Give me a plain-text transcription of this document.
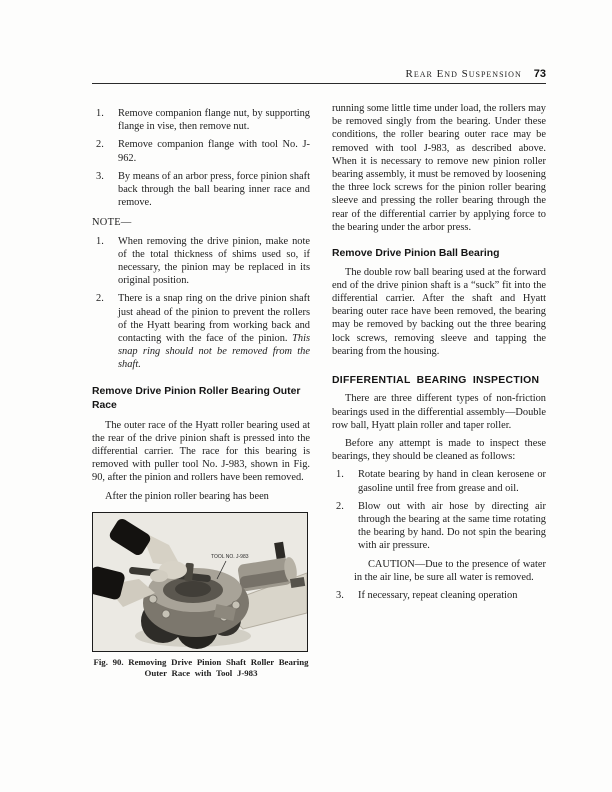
Rear End Suspension 73
1.	Remove companion flange nut, by supporting flange in vise, then remove nut.
2.	Remove companion flange with tool No. J-962.
3.	By means of an arbor press, force pinion shaft back through the ball bearing inner race and remove.

NOTE—

1.	When removing the drive pinion, make note of the total thickness of shims used so, if necessary, the pinion may be replaced in its original position.
2.	There is a snap ring on the drive pinion shaft just ahead of the pinion to prevent the rollers of the Hyatt bearing from working back and contacting with the face of the pinion. This snap ring should not be removed from the shaft.
Remove Drive Pinion Roller Bearing Outer Race

The outer race of the Hyatt roller bearing used at the rear of the drive pinion shaft is pressed into the differential carrier. The race for this bearing is removed with puller tool No. J-983, shown in Fig. 90, after the pinion and rollers have been removed.

After the pinion roller bearing has been

TOOL NO. J-983

Fig. 90. Removing Drive Pinion Shaft Roller Bearing

Outer Race with Tool J-983

running some little time under load, the rollers may be removed singly from the bearing. Under these conditions, the roller bearing outer race may be removed with tool J-983, as described above. When it is necessary to remove new pinion roller bearing assembly, it must be removed by loosening the three lock screws for the pinion roller bearing sleeve and pressing the roller bearing through the rear of the differential carrier by applying force to the bearing under the arbor press.

Remove Drive Pinion Ball Bearing

The double row ball bearing used at the forward end of the drive pinion shaft is a “suck” fit into the differential carrier. After the shaft and Hyatt bearing outer race have been removed, the bearing may be removed by backing out the three bearing lock screws, removing sleeve and tapping the bearing from the housing.

DIFFERENTIAL BEARING INSPECTION

There are three different types of non-friction bearings used in the differential assembly—Double row ball, Hyatt plain roller and taper roller.

Before any attempt is made to inspect these bearings, they should be cleaned as follows:

1.	Rotate bearing by hand in clean kerosene or gasoline until free from grease and oil.
2.	Blow out with air hose by directing air through the bearing at the same time rotating the bearing by hand. Do not spin the bearing with air pressure.

CAUTION—Due to the presence of water in the air line, be sure all water is removed.

3.	If necessary, repeat cleaning operation
